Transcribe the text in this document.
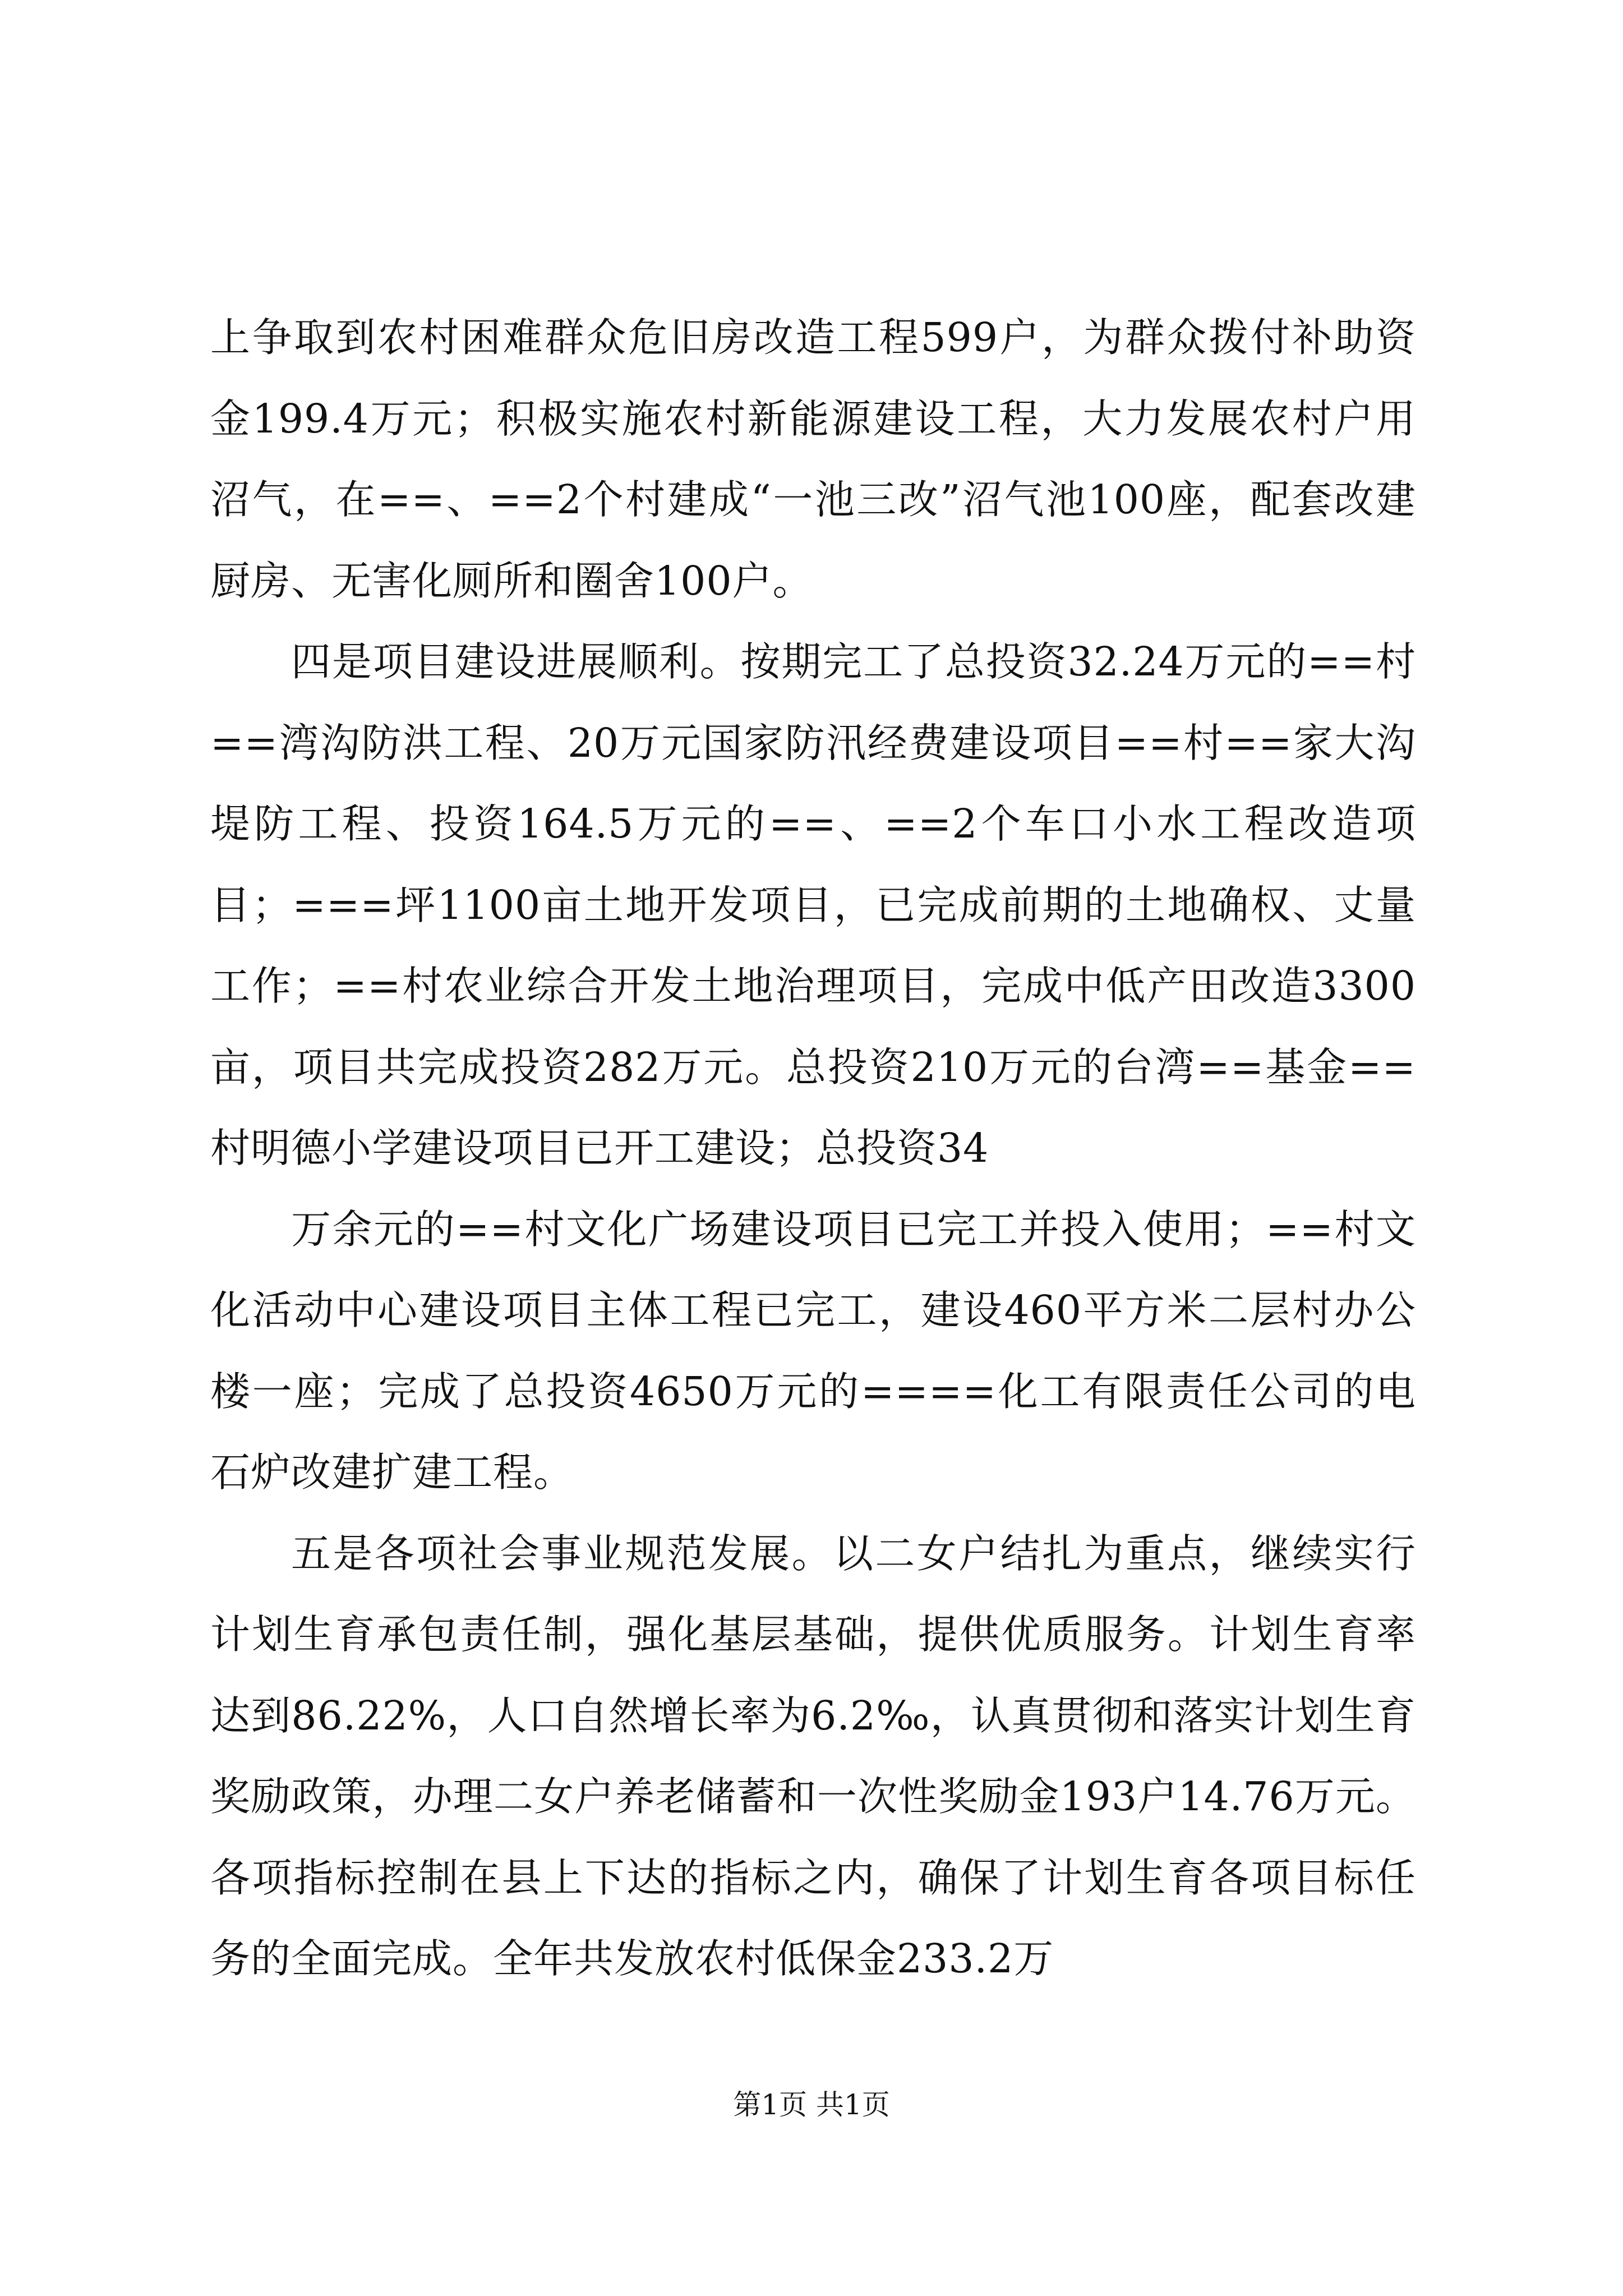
上争取到农村困难群众危旧房改造工程599户，为群众拨付补助资金199.4万元；积极实施农村新能源建设工程，大力发展农村户用沼气，在==、==2个村建成“一池三改”沼气池100座，配套改建厨房、无害化厕所和圈舍100户。

四是项目建设进展顺利。按期完工了总投资32.24万元的==村==湾沟防洪工程、20万元国家防汛经费建设项目==村==家大沟堤防工程、投资164.5万元的==、==2个车口小水工程改造项目；===坪1100亩土地开发项目，已完成前期的土地确权、丈量工作；==村农业综合开发土地治理项目，完成中低产田改造3300亩，项目共完成投资282万元。总投资210万元的台湾==基金==村明德小学建设项目已开工建设；总投资34

万余元的==村文化广场建设项目已完工并投入使用；==村文化活动中心建设项目主体工程已完工，建设460平方米二层村办公楼一座；完成了总投资4650万元的====化工有限责任公司的电石炉改建扩建工程。

五是各项社会事业规范发展。以二女户结扎为重点，继续实行计划生育承包责任制，强化基层基础，提供优质服务。计划生育率达到86.22%，人口自然增长率为6.2‰，认真贯彻和落实计划生育奖励政策，办理二女户养老储蓄和一次性奖励金193户14.76万元。各项指标控制在县上下达的指标之内，确保了计划生育各项目标任务的全面完成。全年共发放农村低保金233.2万

第1页 共1页
